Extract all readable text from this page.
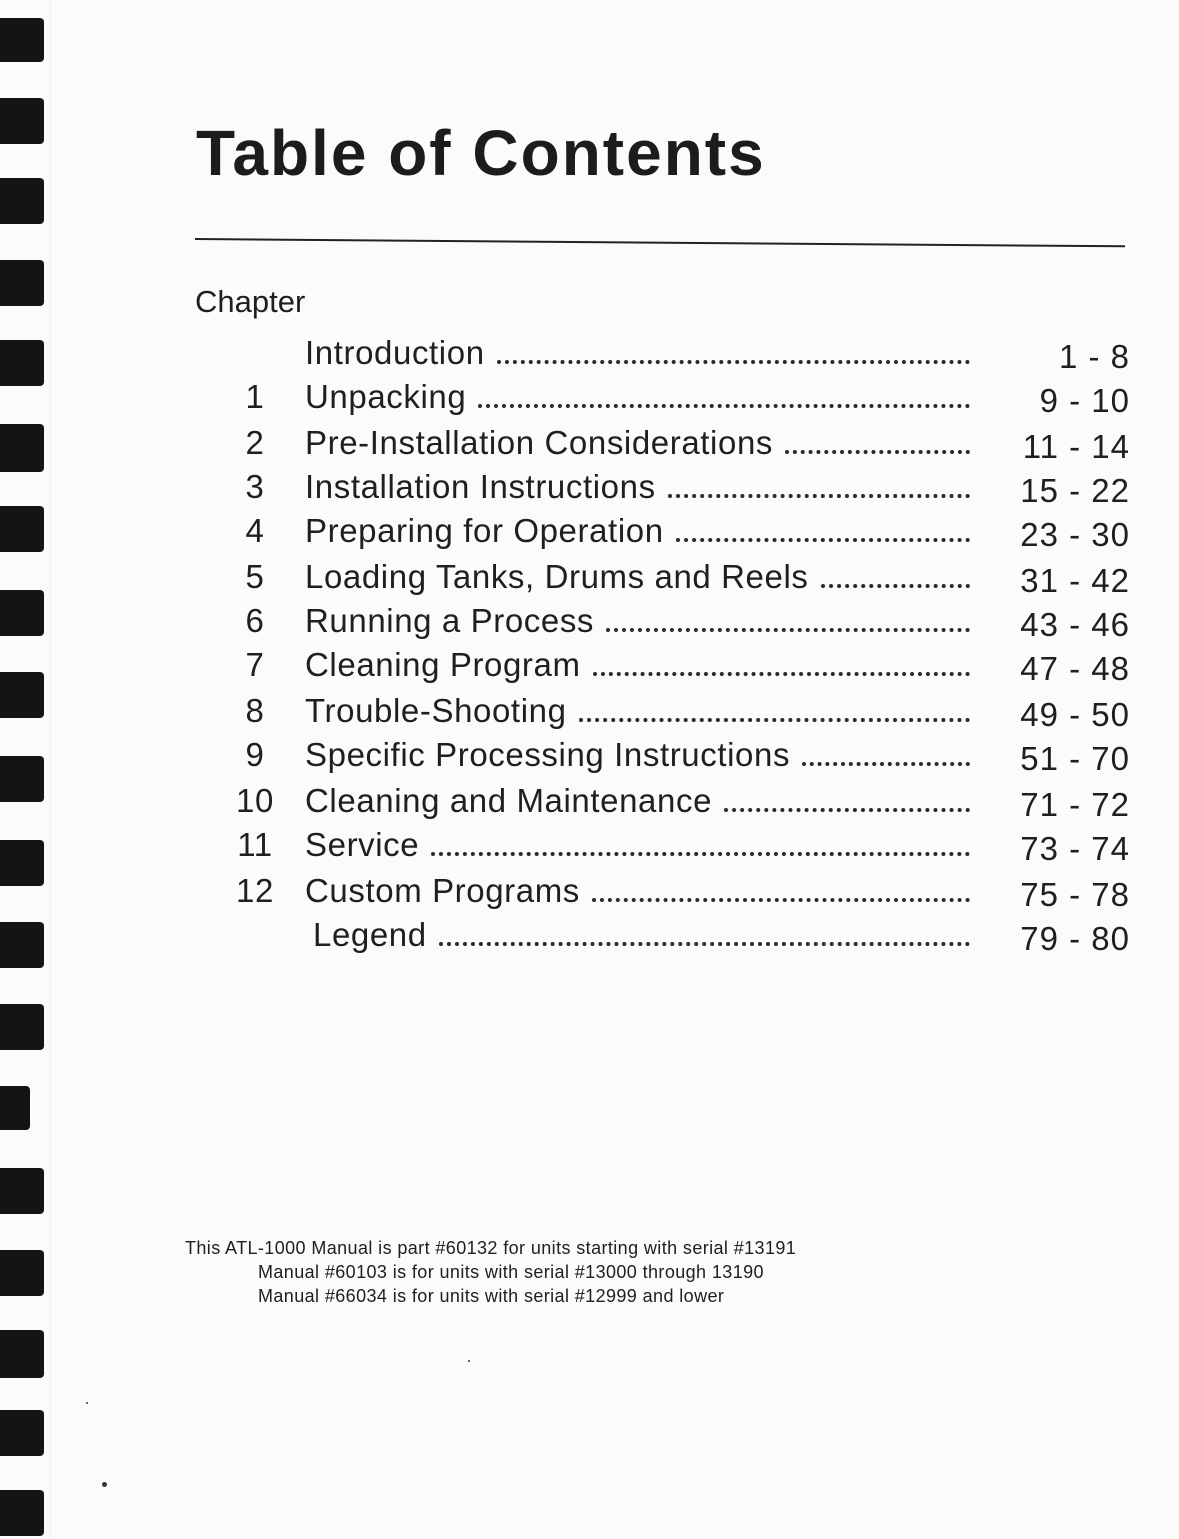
Table of Contents
Chapter
Introduction	1 - 8
1	Unpacking	9 - 10
2	Pre-Installation Considerations	11 - 14
3	Installation Instructions	15 - 22
4	Preparing for Operation	23 - 30
5	Loading Tanks, Drums and Reels	31 - 42
6	Running a Process	43 - 46
7	Cleaning Program	47 - 48
8	Trouble-Shooting	49 - 50
9	Specific Processing Instructions	51 - 70
10 Cleaning and Maintenance	71 - 72
11 Service	73 - 74
12 Custom Programs	75 - 78
Legend	79 - 80
This ATL-1000 Manual is part #60132 for units starting with serial #13191
Manual #60103 is for units with serial #13000 through 13190
Manual #66034 is for units with serial #12999 and lower
